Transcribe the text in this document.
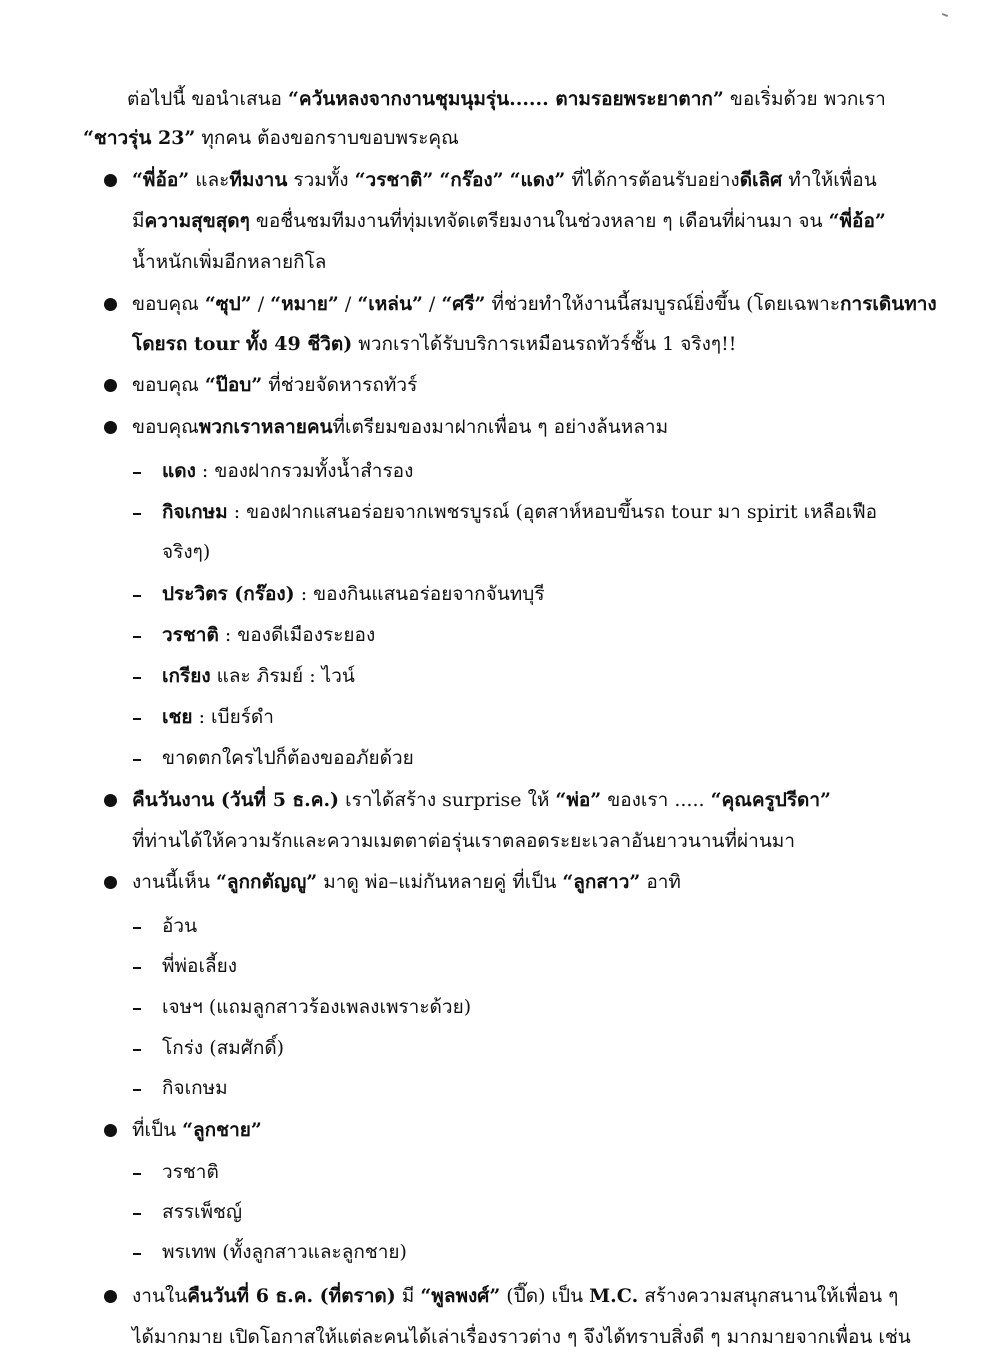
ต่อไปนี้ ขอนำเสนอ “ควันหลงจากงานชุมนุมรุ่น...... ตามรอยพระยาตาก” ขอเริ่มด้วย พวกเรา
“ชาวรุ่น 23” ทุกคน ต้องขอกราบขอบพระคุณ
“พี่อ้อ” และทีมงาน รวมทั้ง “วรชาติ” “กร๊อง” “แดง” ที่ได้การต้อนรับอย่างดีเลิศ ทำให้เพื่อน
มีความสุขสุดๆ ขอชื่นชมทีมงานที่ทุ่มเทจัดเตรียมงานในช่วงหลาย ๆ เดือนที่ผ่านมา จน “พี่อ้อ”
น้ำหนักเพิ่มอีกหลายกิโล
ขอบคุณ “ซุป” / “หมาย” / “เหล่น” / “ศรี” ที่ช่วยทำให้งานนี้สมบูรณ์ยิ่งขึ้น (โดยเฉพาะการเดินทาง
โดยรถ tour ทั้ง 49 ชีวิต) พวกเราได้รับบริการเหมือนรถทัวร์ชั้น 1 จริงๆ!!
ขอบคุณ “ป๊อบ” ที่ช่วยจัดหารถทัวร์
ขอบคุณพวกเราหลายคนที่เตรียมของมาฝากเพื่อน ๆ อย่างล้นหลาม
แดง : ของฝากรวมทั้งน้ำสำรอง
กิจเกษม : ของฝากแสนอร่อยจากเพชรบูรณ์ (อุตสาห์หอบขึ้นรถ tour มา spirit เหลือเฟือ
จริงๆ)
ประวิตร (กร๊อง) : ของกินแสนอร่อยจากจันทบุรี
วรชาติ : ของดีเมืองระยอง
เกรียง และ ภิรมย์ : ไวน์
เชย : เบียร์ดำ
ขาดตกใครไปก็ต้องขออภัยด้วย
คืนวันงาน (วันที่ 5 ธ.ค.) เราได้สร้าง surprise ให้ “พ่อ” ของเรา ..... “คุณครูปรีดา”
ที่ท่านได้ให้ความรักและความเมตตาต่อรุ่นเราตลอดระยะเวลาอันยาวนานที่ผ่านมา
งานนี้เห็น “ลูกกตัญญู” มาดู พ่อ–แม่กันหลายคู่ ที่เป็น “ลูกสาว” อาทิ
อ้วน
พี่พ่อเลี้ยง
เจษฯ (แถมลูกสาวร้องเพลงเพราะด้วย)
โกร่ง (สมศักดิ์)
กิจเกษม
ที่เป็น “ลูกชาย”
วรชาติ
สรรเพ็ชญ์
พรเทพ (ทั้งลูกสาวและลูกชาย)
งานในคืนวันที่ 6 ธ.ค. (ที่ตราด) มี “พูลพงศ์” (ปึ๊ด) เป็น M.C. สร้างความสนุกสนานให้เพื่อน ๆ
ได้มากมาย เปิดโอกาสให้แต่ละคนได้เล่าเรื่องราวต่าง ๆ จึงได้ทราบสิ่งดี ๆ มากมายจากเพื่อน เช่น
